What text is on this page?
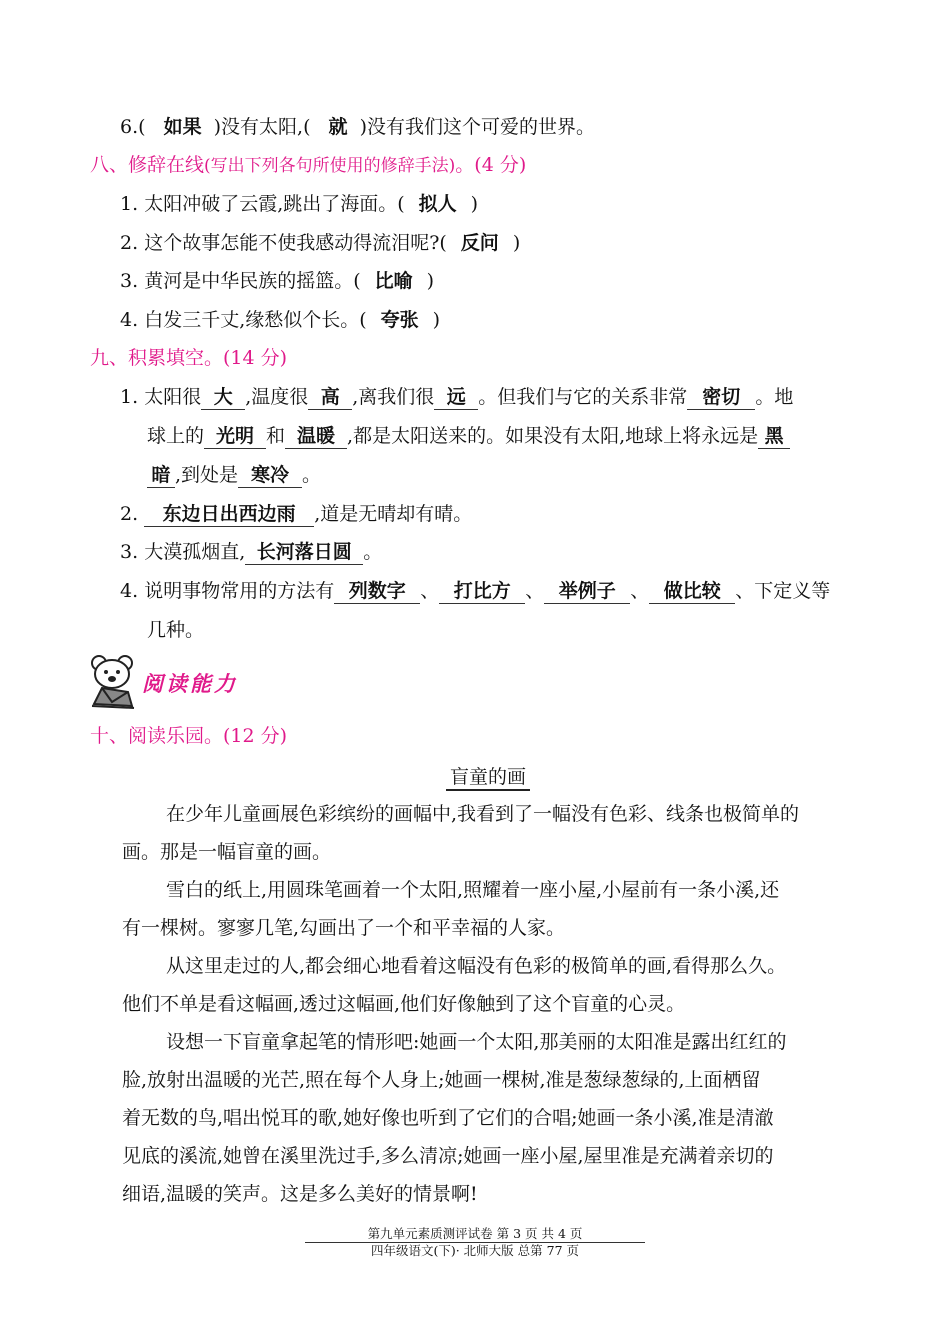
6.( 如果 )没有太阳,( 就 )没有我们这个可爱的世界。
八、修辞在线(写出下列各句所使用的修辞手法)。(4 分)
1. 太阳冲破了云霞,跳出了海面。( 拟人 )
2. 这个故事怎能不使我感动得流泪呢?( 反问 )
3. 黄河是中华民族的摇篮。( 比喻 )
4. 白发三千丈,缘愁似个长。( 夸张 )
九、积累填空。(14 分)
1. 太阳很 大 ,温度很 高 ,离我们很 远 。但我们与它的关系非常 密切 。地
球上的 光明 和 温暖 ,都是太阳送来的。如果没有太阳,地球上将永远是 黑
暗 ,到处是 寒冷 。
2. 东边日出西边雨 ,道是无晴却有晴。
3. 大漠孤烟直, 长河落日圆 。
4. 说明事物常用的方法有 列数字 、 打比方 、 举例子 、 做比较 、下定义等
几种。
阅读能力
十、阅读乐园。(12 分)
盲童的画
在少年儿童画展色彩缤纷的画幅中,我看到了一幅没有色彩、线条也极简单的
画。那是一幅盲童的画。
雪白的纸上,用圆珠笔画着一个太阳,照耀着一座小屋,小屋前有一条小溪,还
有一棵树。寥寥几笔,勾画出了一个和平幸福的人家。
从这里走过的人,都会细心地看着这幅没有色彩的极简单的画,看得那么久。
他们不单是看这幅画,透过这幅画,他们好像触到了这个盲童的心灵。
设想一下盲童拿起笔的情形吧:她画一个太阳,那美丽的太阳准是露出红红的
脸,放射出温暖的光芒,照在每个人身上;她画一棵树,准是葱绿葱绿的,上面栖留
着无数的鸟,唱出悦耳的歌,她好像也听到了它们的合唱;她画一条小溪,准是清澈
见底的溪流,她曾在溪里洗过手,多么清凉;她画一座小屋,屋里准是充满着亲切的
细语,温暖的笑声。这是多么美好的情景啊!
第九单元素质测评试卷 第 3 页 共 4 页
四年级语文(下)· 北师大版 总第 77 页
